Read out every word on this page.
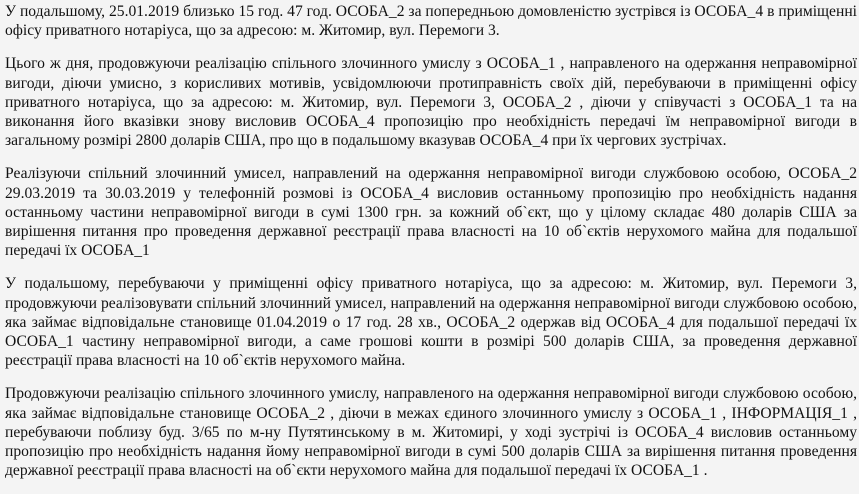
У подальшому, 25.01.2019 близько 15 год. 47 год. ОСОБА_2 за попередньою домовленістю зустрівся із ОСОБА_4 в приміщенні офісу приватного нотаріуса, що за адресою: м. Житомир, вул. Перемоги 3.

Цього ж дня, продовжуючи реалізацію спільного злочинного умислу з ОСОБА_1 , направленого на одержання неправомірної вигоди, діючи умисно, з корисливих мотивів, усвідомлюючи протиправність своїх дій, перебуваючи в приміщенні офісу приватного нотаріуса, що за адресою: м. Житомир, вул. Перемоги 3, ОСОБА_2 , діючи у співучасті з ОСОБА_1 та на виконання його вказівки знову висловив ОСОБА_4 пропозицію про необхідність передачі їм неправомірної вигоди в загальному розмірі 2800 доларів США, про що в подальшому вказував ОСОБА_4 при їх чергових зустрічах.

Реалізуючи спільний злочинний умисел, направлений на одержання неправомірної вигоди службовою особою, ОСОБА_2 29.03.2019 та 30.03.2019 у телефонній розмові із ОСОБА_4 висловив останньому пропозицію про необхідність надання останньому частини неправомірної вигоди в сумі 1300 грн. за кожний об`єкт, що у цілому складає 480 доларів США за вирішення питання про проведення державної реєстрації права власності на 10 об`єктів нерухомого майна для подальшої передачі їх ОСОБА_1

У подальшому, перебуваючи у приміщенні офісу приватного нотаріуса, що за адресою: м. Житомир, вул. Перемоги 3, продовжуючи реалізовувати спільний злочинний умисел, направлений на одержання неправомірної вигоди службовою особою, яка займає відповідальне становище 01.04.2019 о 17 год. 28 хв., ОСОБА_2 одержав від ОСОБА_4 для подальшої передачі їх ОСОБА_1 частину неправомірної вигоди, а саме грошові кошти в розмірі 500 доларів США, за проведення державної реєстрації права власності на 10 об`єктів нерухомого майна.

Продовжуючи реалізацію спільного злочинного умислу, направленого на одержання неправомірної вигоди службовою особою, яка займає відповідальне становище ОСОБА_2 , діючи в межах єдиного злочинного умислу з ОСОБА_1 , ІНФОРМАЦІЯ_1 , перебуваючи поблизу буд. 3/65 по м-ну Путятинському в м. Житомирі, у ході зустрічі із ОСОБА_4 висловив останньому пропозицію про необхідність надання йому неправомірної вигоди в сумі 500 доларів США за вирішення питання проведення державної реєстрації права власності на об`єкти нерухомого майна для подальшої передачі їх ОСОБА_1 .
